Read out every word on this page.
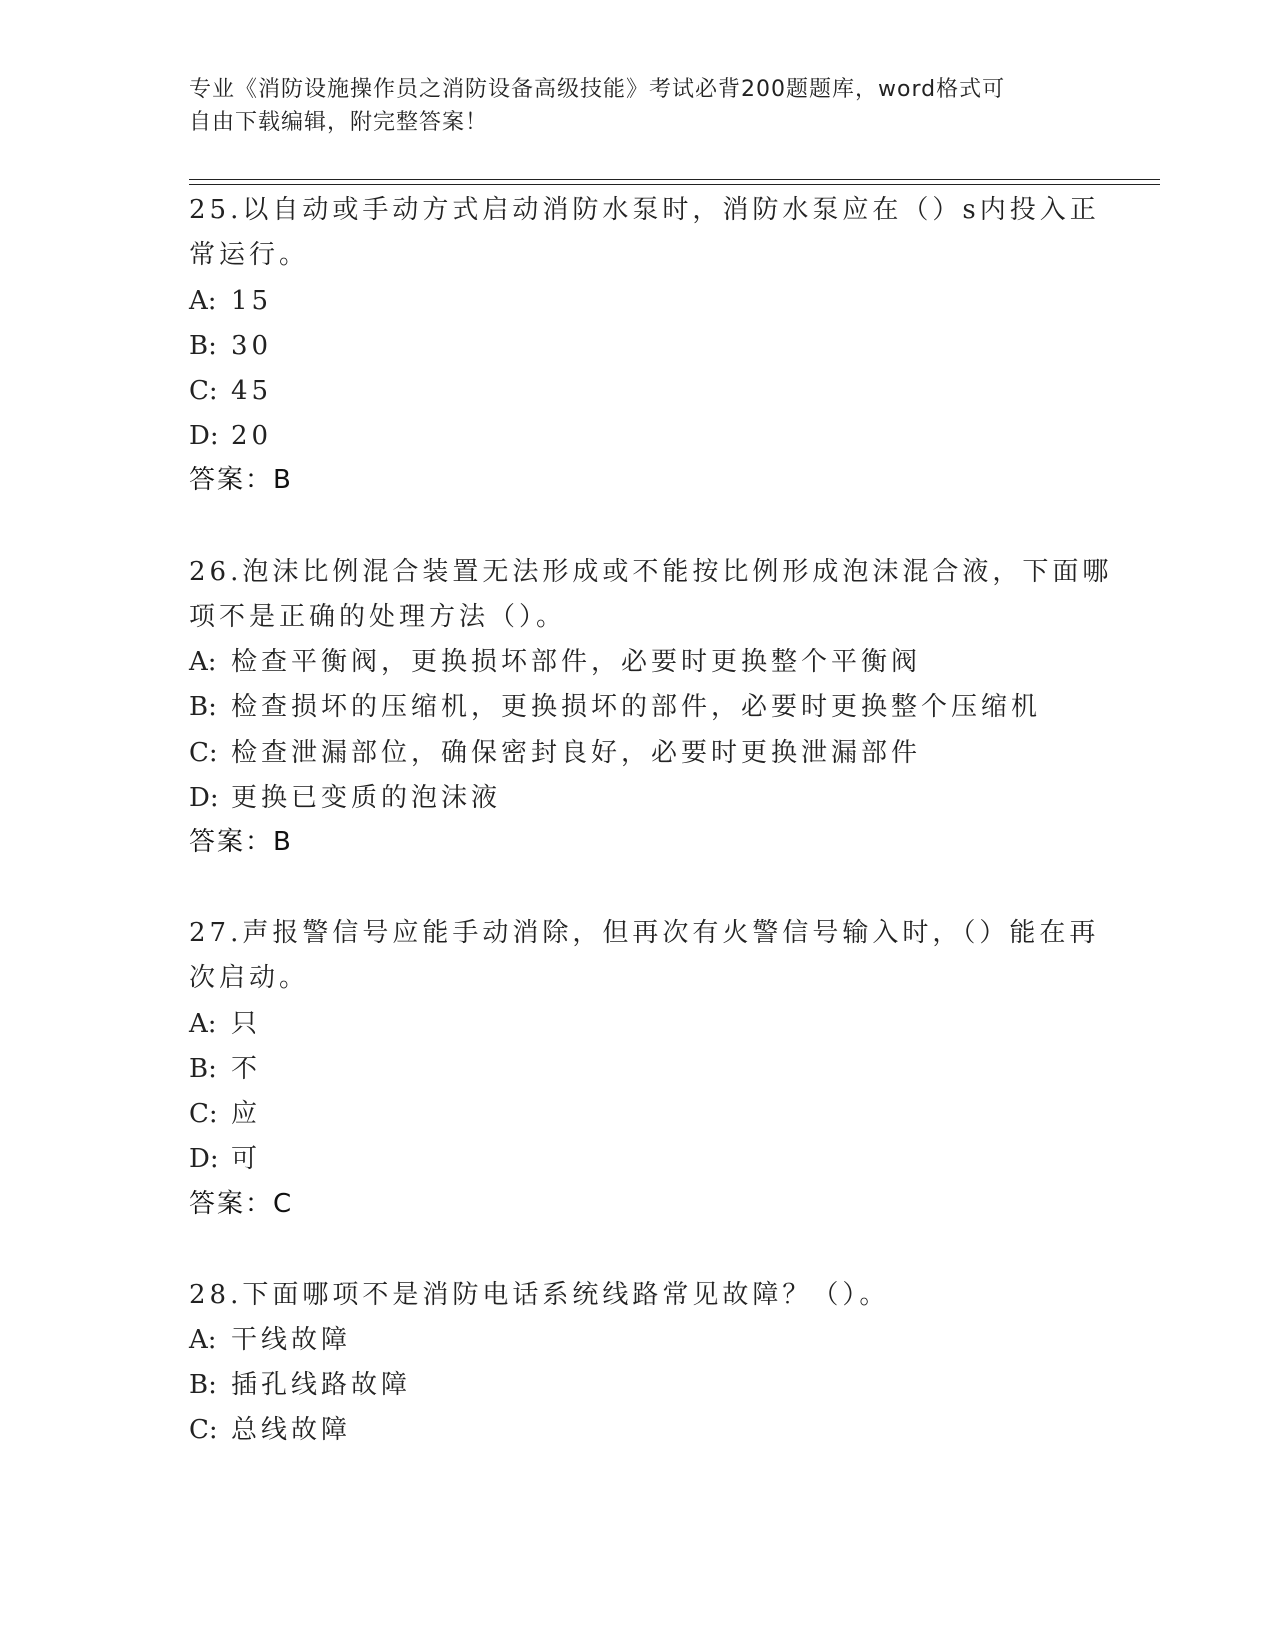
专业《消防设施操作员之消防设备高级技能》考试必背200题题库，word格式可
自由下载编辑，附完整答案！
25.以自动或手动方式启动消防水泵时，消防水泵应在（）s内投入正
常运行。
A: 15
B: 30
C: 45
D: 20
答案：B
26.泡沫比例混合装置无法形成或不能按比例形成泡沫混合液，下面哪
项不是正确的处理方法（）。
A: 检查平衡阀，更换损坏部件，必要时更换整个平衡阀
B: 检查损坏的压缩机，更换损坏的部件，必要时更换整个压缩机
C: 检查泄漏部位，确保密封良好，必要时更换泄漏部件
D: 更换已变质的泡沫液
答案：B
27.声报警信号应能手动消除，但再次有火警信号输入时，（）能在再
次启动。
A: 只
B: 不
C: 应
D: 可
答案：C
28.下面哪项不是消防电话系统线路常见故障？（）。
A: 干线故障
B: 插孔线路故障
C: 总线故障
